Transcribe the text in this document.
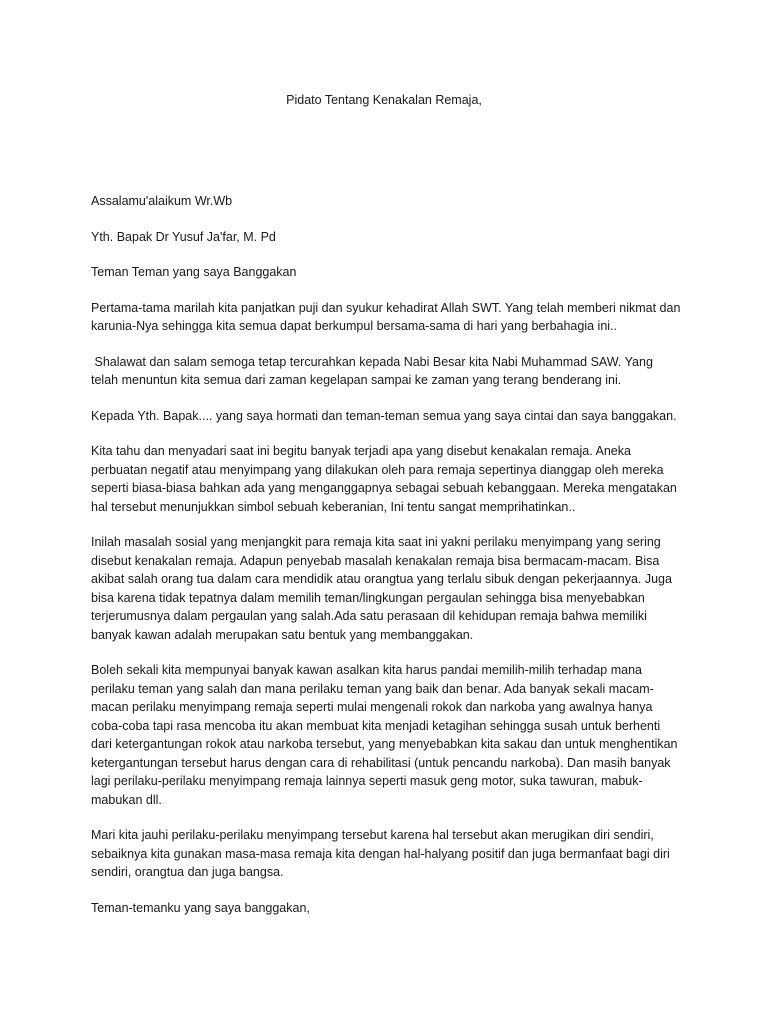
Pidato Tentang Kenakalan Remaja,

Assalamu'alaikum Wr.Wb

Yth. Bapak Dr Yusuf Ja'far, M. Pd

Teman Teman yang saya Banggakan

Pertama-tama marilah kita panjatkan puji dan syukur kehadirat Allah SWT. Yang telah memberi nikmat dan karunia-Nya sehingga kita semua dapat berkumpul bersama-sama di hari yang berbahagia ini..

Shalawat dan salam semoga tetap tercurahkan kepada Nabi Besar kita Nabi Muhammad SAW. Yang telah menuntun kita semua dari zaman kegelapan sampai ke zaman yang terang benderang ini.

Kepada Yth. Bapak.... yang saya hormati dan teman-teman semua yang saya cintai dan saya banggakan.

Kita tahu dan menyadari saat ini begitu banyak terjadi apa yang disebut kenakalan remaja. Aneka perbuatan negatif atau menyimpang yang dilakukan oleh para remaja sepertinya dianggap oleh mereka seperti biasa-biasa bahkan ada yang menganggapnya sebagai sebuah kebanggaan. Mereka mengatakan hal tersebut menunjukkan simbol sebuah keberanian, Ini tentu sangat memprihatinkan..

Inilah masalah sosial yang menjangkit para remaja kita saat ini yakni perilaku menyimpang yang sering disebut kenakalan remaja. Adapun penyebab masalah kenakalan remaja bisa bermacam-macam. Bisa akibat salah orang tua dalam cara mendidik atau orangtua yang terlalu sibuk dengan pekerjaannya. Juga bisa karena tidak tepatnya dalam memilih teman/lingkungan pergaulan sehingga bisa menyebabkan terjerumusnya dalam pergaulan yang salah.Ada satu perasaan dil kehidupan remaja bahwa memiliki banyak kawan adalah merupakan satu bentuk yang membanggakan.

Boleh sekali kita mempunyai banyak kawan asalkan kita harus pandai memilih-milih terhadap mana perilaku teman yang salah dan mana perilaku teman yang baik dan benar. Ada banyak sekali macam-macan perilaku menyimpang remaja seperti mulai mengenali rokok dan narkoba yang awalnya hanya coba-coba tapi rasa mencoba itu akan membuat kita menjadi ketagihan sehingga susah untuk berhenti dari ketergantungan rokok atau narkoba tersebut, yang menyebabkan kita sakau dan untuk menghentikan ketergantungan tersebut harus dengan cara di rehabilitasi (untuk pencandu narkoba). Dan masih banyak lagi perilaku-perilaku menyimpang remaja lainnya seperti masuk geng motor, suka tawuran, mabuk-mabukan dll.

Mari kita jauhi perilaku-perilaku menyimpang tersebut karena hal tersebut akan merugikan diri sendiri, sebaiknya kita gunakan masa-masa remaja kita dengan hal-halyang positif dan juga bermanfaat bagi diri sendiri, orangtua dan juga bangsa.

Teman-temanku yang saya banggakan,
